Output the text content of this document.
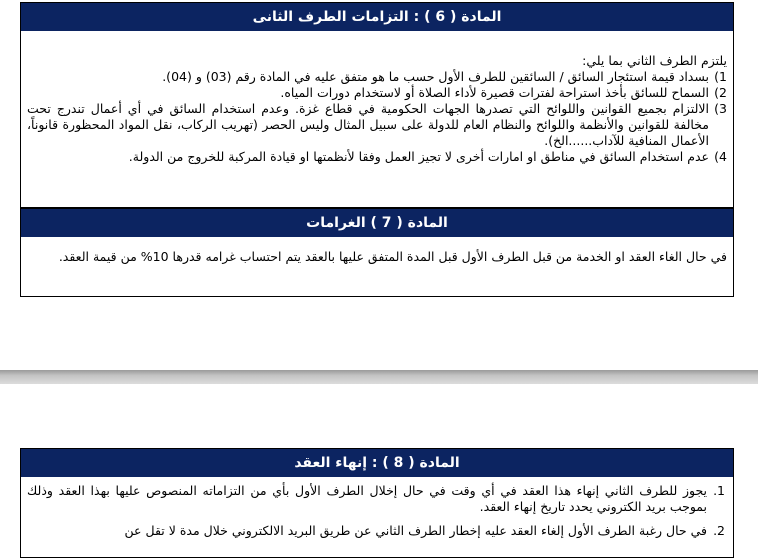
المادة ( 6 ) : التزامات الطرف الثانى
يلتزم الطرف الثاني بما يلي:
1)
بسداد قيمة استئجار السائق / السائقين للطرف الأول حسب ما هو متفق عليه في المادة رقم (03) و (04).
2)
السماح للسائق بأخذ استراحة لفترات قصيرة لأداء الصلاة أو لاستخدام دورات المياه.
3)
الالتزام بجميع القوانين واللوائح التي تصدرها الجهات الحكومية في قطاع غزة. وعدم استخدام السائق في أي أعمال تندرج تحت مخالفة للقوانين والأنظمة واللوائح والنظام العام للدولة على سبيل المثال وليس الحصر (تهريب الركاب، نقل المواد المحظورة قانوناً، الأعمال المنافية للآداب......الخ).
4)
عدم استخدام السائق في مناطق او امارات أخرى لا تجيز العمل وفقا لأنظمتها او قيادة المركبة للخروج من الدولة.
المادة ( 7 ) الغرامات
في حال الغاء العقد او الخدمة من قبل الطرف الأول قبل المدة المتفق عليها بالعقد يتم احتساب غرامه قدرها 10% من قيمة العقد.
المادة ( 8 ) : إنهاء العقد
1.
يجوز للطرف الثاني إنهاء هذا العقد في أي وقت في حال إخلال الطرف الأول بأي من التزاماته المنصوص عليها بهذا العقد وذلك بموجب بريد الكتروني يحدد تاريخ إنهاء العقد.
2.
في حال رغبة الطرف الأول إلغاء العقد عليه إخطار الطرف الثاني عن طريق البريد الالكتروني خلال مدة لا تقل عن
